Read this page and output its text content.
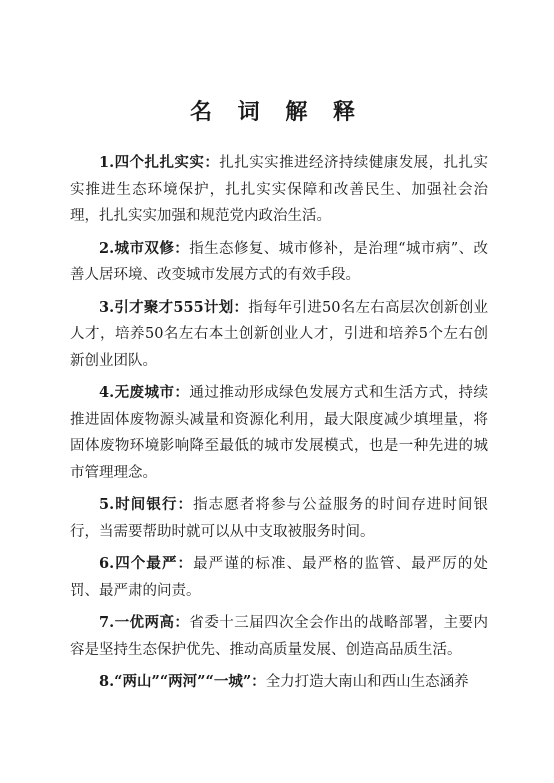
名 词 解 释

1.四个扎扎实实：扎扎实实推进经济持续健康发展，扎扎实实推进生态环境保护，扎扎实实保障和改善民生、加强社会治理，扎扎实实加强和规范党内政治生活。

2.城市双修：指生态修复、城市修补，是治理“城市病”、改善人居环境、改变城市发展方式的有效手段。

3.引才聚才555计划：指每年引进50名左右高层次创新创业人才，培养50名左右本土创新创业人才，引进和培养5个左右创新创业团队。

4.无废城市：通过推动形成绿色发展方式和生活方式，持续推进固体废物源头减量和资源化利用，最大限度减少填埋量，将固体废物环境影响降至最低的城市发展模式，也是一种先进的城市管理理念。

5.时间银行：指志愿者将参与公益服务的时间存进时间银行，当需要帮助时就可以从中支取被服务时间。

6.四个最严：最严谨的标准、最严格的监管、最严厉的处罚、最严肃的问责。

7.一优两高：省委十三届四次全会作出的战略部署，主要内容是坚持生态保护优先、推动高质量发展、创造高品质生活。

8.“两山”“两河”“一城”：全力打造大南山和西山生态涵养
